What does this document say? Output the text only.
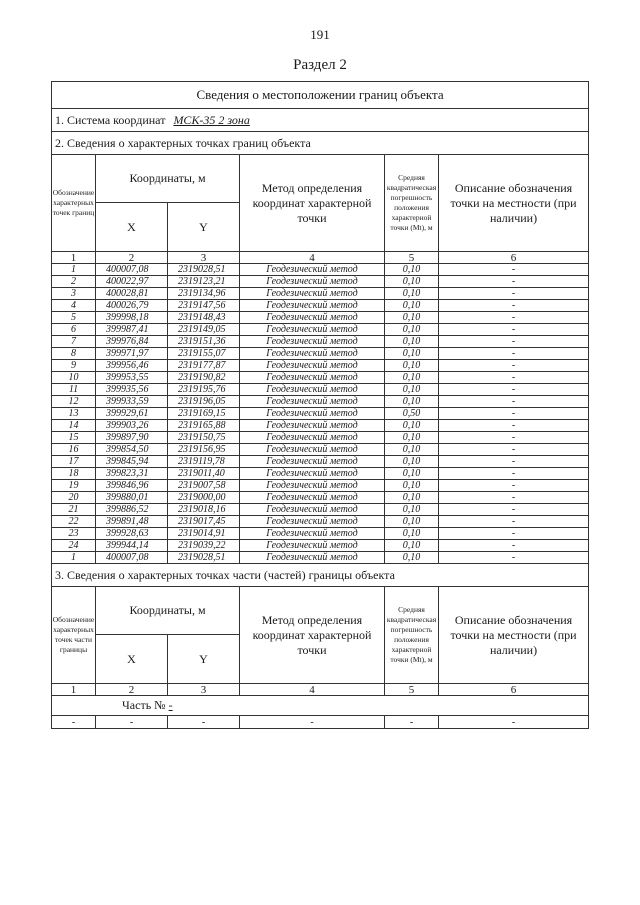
191
Раздел 2
Сведения о местоположении границ объекта					
1. Система координат МСК-35 2 зона					
2. Сведения о характерных точках границ объекта					
Обозначение характерных точек границ	Координаты, м		Метод определения координат характерной точки	Средняя квадратическая погрешность положения характерной точки (Mt), м	Описание обозначения точки на местности (при наличии)
	X	Y			
1	2	3	4	5	6
1	400007,08	2319028,51	Геодезический метод	0,10	-
2	400022,97	2319123,21	Геодезический метод	0,10	-
3	400028,81	2319134,96	Геодезический метод	0,10	-
4	400026,79	2319147,56	Геодезический метод	0,10	-
5	399998,18	2319148,43	Геодезический метод	0,10	-
6	399987,41	2319149,05	Геодезический метод	0,10	-
7	399976,84	2319151,36	Геодезический метод	0,10	-
8	399971,97	2319155,07	Геодезический метод	0,10	-
9	399956,46	2319177,87	Геодезический метод	0,10	-
10	399953,55	2319190,82	Геодезический метод	0,10	-
11	399935,56	2319195,76	Геодезический метод	0,10	-
12	399933,59	2319196,05	Геодезический метод	0,10	-
13	399929,61	2319169,15	Геодезический метод	0,50	-
14	399903,26	2319165,88	Геодезический метод	0,10	-
15	399897,90	2319150,75	Геодезический метод	0,10	-
16	399854,50	2319156,95	Геодезический метод	0,10	-
17	399845,94	2319119,78	Геодезический метод	0,10	-
18	399823,31	2319011,40	Геодезический метод	0,10	-
19	399846,96	2319007,58	Геодезический метод	0,10	-
20	399880,01	2319000,00	Геодезический метод	0,10	-
21	399886,52	2319018,16	Геодезический метод	0,10	-
22	399891,48	2319017,45	Геодезический метод	0,10	-
23	399928,63	2319014,91	Геодезический метод	0,10	-
24	399944,14	2319039,22	Геодезический метод	0,10	-
1	400007,08	2319028,51	Геодезический метод	0,10	-
3. Сведения о характерных точках части (частей) границы объекта					
Обозначение характерных точек части границы	Координаты, м		Метод определения координат характерной точки	Средняя квадратическая погрешность положения характерной точки (Mt), м	Описание обозначения точки на местности (при наличии)
	X	Y			
1	2	3	4	5	6
Часть № -					
-	-	-	-	-	-
